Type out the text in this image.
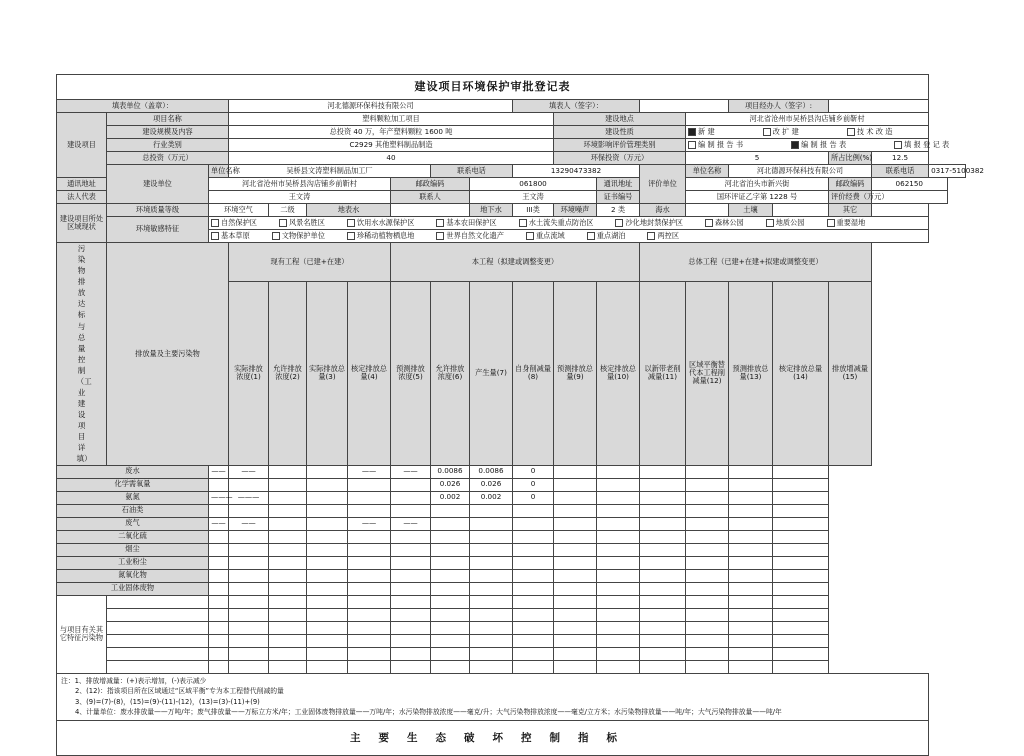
建设项目环境保护审批登记表																			
填表单位（盖章）：			河北德源环保科技有限公司							填表人（签字）：					项目经办人（签字）:				
建设项目	项目名称		塑料颗粒加工项目								建设地点			河北省沧州市吴桥县沟店铺乡前靳村					
	建设规模及内容		总投资 40 万，年产塑料颗粒 1600 吨								建设性质			新 建 改 扩 建 技 术 改 造					
	行业类别		C2929 其他塑料制品制造								环境影响评价管理类别			编 制 报 告 书 编 制 报 告 表 填 报 登 记 表					
	总投资（万元）		40								环保投资（万元）			5			所占比例(%)	12.5	
	建设单位	单位名称	吴桥县文涛塑料制品加工厂					联系电话		13290473382			评价单位	单位名称	河北德源环保科技有限公司			联系电话	0317-5100382
通讯地址		河北省沧州市吴桥县沟店铺乡前靳村					邮政编码		061800			通讯地址		河北省泊头市新兴街			邮政编码	062150	
法人代表		王文涛					联系人		王文涛			证书编号		国环评证乙字第 1228 号			评价经费（万元）		
建设项目所处区域现状	环境质量等级	环境空气		二级	地表水				地下水	III类	环境噪声	2 类	海水		土壤		其它		
	环境敏感特征	自然保护区 风景名胜区 饮用水水源保护区 基本农田保护区 水土流失重点防治区 沙化地封禁保护区 森林公园 地质公园 重要湿地																	
		基本草原 文物保护单位 珍稀动植物栖息地 世界自然文化遗产 重点流域 重点湖泊 两控区																	

污染物排放达标与总量控制（工业建设项目详填）	排放量及主要污染物		现有工程（已建+在建）				本工程（拟建或调整变更）						总体工程（已建+在建+拟建或调整变更）						
			实际排放浓度(1)	允许排放浓度(2)	实际排放总量(3)	核定排放总量(4)	预测排放浓度(5)	允许排放浓度(6)	产生量(7)	自身削减量(8)	预测排放总量(9)	核定排放总量(10)	以新带老削减量(11)	区域平衡替代本工程削减量(12)	预测排放总量(13)	核定排放总量(14)	排放增减量(15)		
废水		——	——			——	——	0.0086	0.0086	0									
化学需氧量								0.026	0.026	0									
氨氮		———	———					0.002	0.002	0									
石油类																			
废气		——	——			——	——												
二氧化硫																			
烟尘																			
工业粉尘																			
氮氧化物																			
工业固体废物																			
与项目有关其它特征污染物																			

注：1、排放增减量：(+)表示增加，(-)表示减少
2、(12)：指该项目所在区域通过“区域平衡”专为本工程替代削减的量
3、(9)=(7)-(8)，(15)=(9)-(11)-(12)，(13)=(3)-(11)+(9)
4、计量单位：废水排放量——万吨/年；废气排放量——万标立方米/年；工业固体废物排放量——万吨/年；水污染物排放浓度——毫克/升；大气污染物排放浓度——毫克/立方米；水污染物排放量——吨/年；大气污染物排放量——吨/年																			

主要生态破坏控制指标																			
